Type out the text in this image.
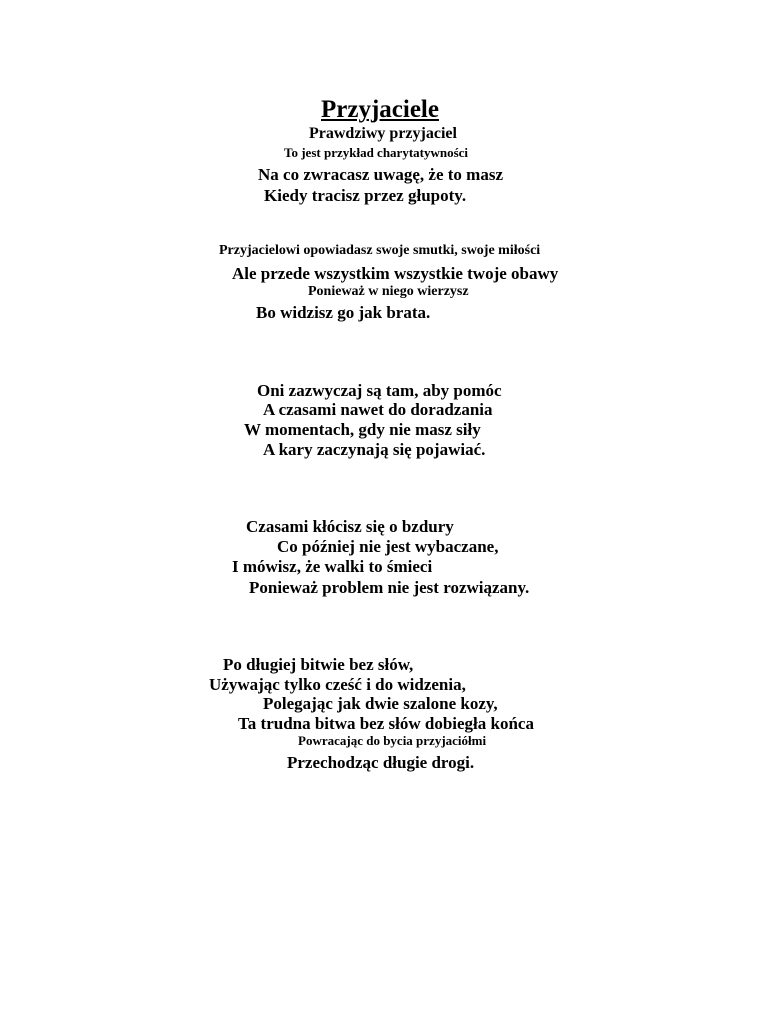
Przyjaciele
Prawdziwy przyjaciel
To jest przykład charytatywności
Na co zwracasz uwagę, że to masz
Kiedy tracisz przez głupoty.
Przyjacielowi opowiadasz swoje smutki, swoje miłości
Ale przede wszystkim wszystkie twoje obawy
Ponieważ w niego wierzysz
Bo widzisz go jak brata.
Oni zazwyczaj są tam, aby pomóc
A czasami nawet do doradzania
W momentach, gdy nie masz siły
A kary zaczynają się pojawiać.
Czasami kłócisz się o bzdury
Co później nie jest wybaczane,
I mówisz, że walki to śmieci
Ponieważ problem nie jest rozwiązany.
Po długiej bitwie bez słów,
Używając tylko cześć i do widzenia,
Polegając jak dwie szalone kozy,
Ta trudna bitwa bez słów dobiegła końca
Powracając do bycia przyjaciółmi
Przechodząc długie drogi.
